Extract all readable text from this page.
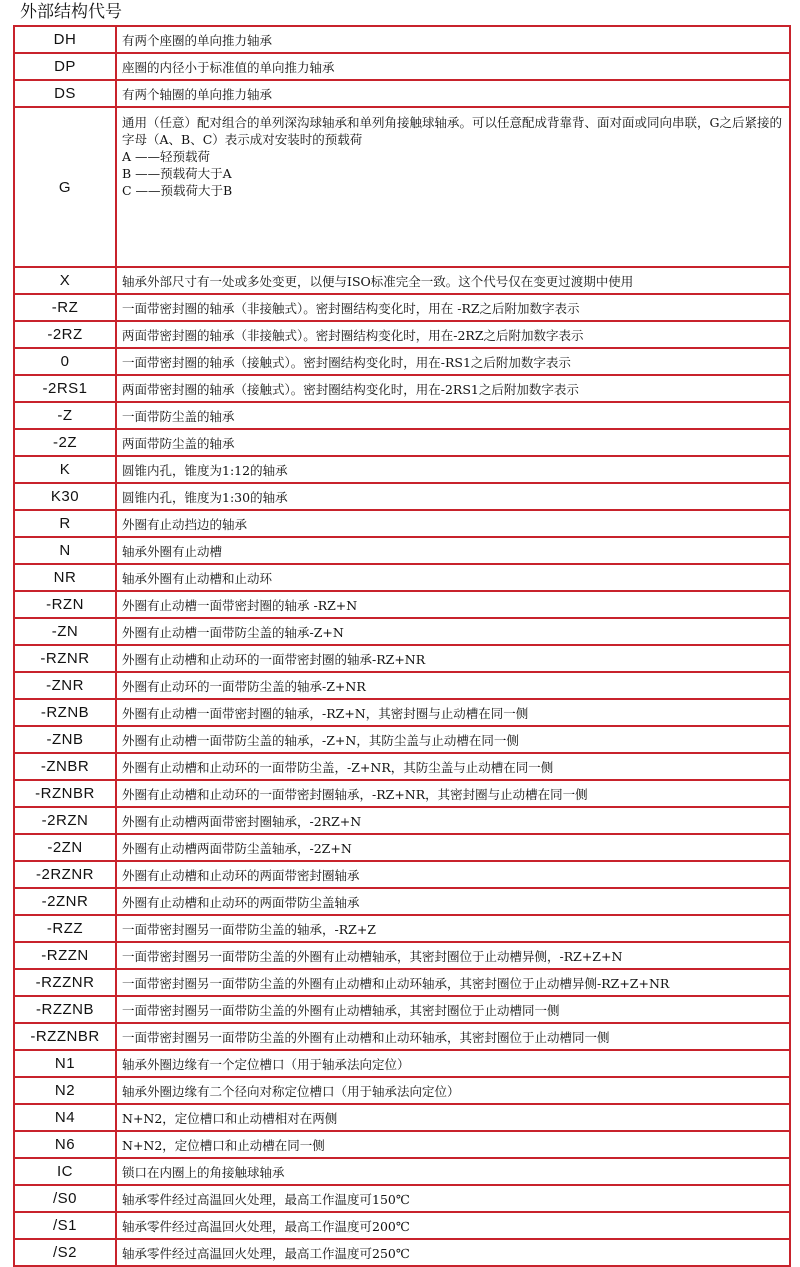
外部结构代号
DH	有两个座圈的单向推力轴承
DP	座圈的内径小于标准值的单向推力轴承
DS	有两个轴圈的单向推力轴承
G	通用（任意）配对组合的单列深沟球轴承和单列角接触球轴承。可以任意配成背靠背、面对面或同向串联，G之后紧接的字母（A、B、C）表示成对安装时的预载荷
A ——轻预载荷
B ——预载荷大于A
C ——预载荷大于B

X	轴承外部尺寸有一处或多处变更，以便与ISO标准完全一致。这个代号仅在变更过渡期中使用
-RZ	一面带密封圈的轴承（非接触式）。密封圈结构变化时，用在 -RZ之后附加数字表示
-2RZ	两面带密封圈的轴承（非接触式）。密封圈结构变化时，用在-2RZ之后附加数字表示
0	一面带密封圈的轴承（接触式）。密封圈结构变化时，用在-RS1之后附加数字表示
-2RS1	两面带密封圈的轴承（接触式）。密封圈结构变化时，用在-2RS1之后附加数字表示
-Z	一面带防尘盖的轴承
-2Z	两面带防尘盖的轴承
K	圆锥内孔，锥度为1:12的轴承
K30	圆锥内孔，锥度为1:30的轴承
R	外圈有止动挡边的轴承
N	轴承外圈有止动槽
NR	轴承外圈有止动槽和止动环
-RZN	外圈有止动槽一面带密封圈的轴承 -RZ+N
-ZN	外圈有止动槽一面带防尘盖的轴承-Z+N
-RZNR	外圈有止动槽和止动环的一面带密封圈的轴承-RZ+NR
-ZNR	外圈有止动环的一面带防尘盖的轴承-Z+NR
-RZNB	外圈有止动槽一面带密封圈的轴承，-RZ+N，其密封圈与止动槽在同一侧
-ZNB	外圈有止动槽一面带防尘盖的轴承，-Z+N，其防尘盖与止动槽在同一侧
-ZNBR	外圈有止动槽和止动环的一面带防尘盖，-Z+NR，其防尘盖与止动槽在同一侧
-RZNBR	外圈有止动槽和止动环的一面带密封圈轴承，-RZ+NR，其密封圈与止动槽在同一侧
-2RZN	外圈有止动槽两面带密封圈轴承，-2RZ+N
-2ZN	外圈有止动槽两面带防尘盖轴承，-2Z+N
-2RZNR	外圈有止动槽和止动环的两面带密封圈轴承
-2ZNR	外圈有止动槽和止动环的两面带防尘盖轴承
-RZZ	一面带密封圈另一面带防尘盖的轴承，-RZ+Z
-RZZN	一面带密封圈另一面带防尘盖的外圈有止动槽轴承，其密封圈位于止动槽异侧，-RZ+Z+N
-RZZNR	一面带密封圈另一面带防尘盖的外圈有止动槽和止动环轴承，其密封圈位于止动槽异侧-RZ+Z+NR
-RZZNB	一面带密封圈另一面带防尘盖的外圈有止动槽轴承，其密封圈位于止动槽同一侧
-RZZNBR	一面带密封圈另一面带防尘盖的外圈有止动槽和止动环轴承，其密封圈位于止动槽同一侧
N1	轴承外圈边缘有一个定位槽口（用于轴承法向定位）
N2	轴承外圈边缘有二个径向对称定位槽口（用于轴承法向定位）
N4	N+N2，定位槽口和止动槽相对在两侧
N6	N+N2，定位槽口和止动槽在同一侧
IC	锁口在内圈上的角接触球轴承
/S0	轴承零件经过高温回火处理，最高工作温度可150℃
/S1	轴承零件经过高温回火处理，最高工作温度可200℃
/S2	轴承零件经过高温回火处理，最高工作温度可250℃
